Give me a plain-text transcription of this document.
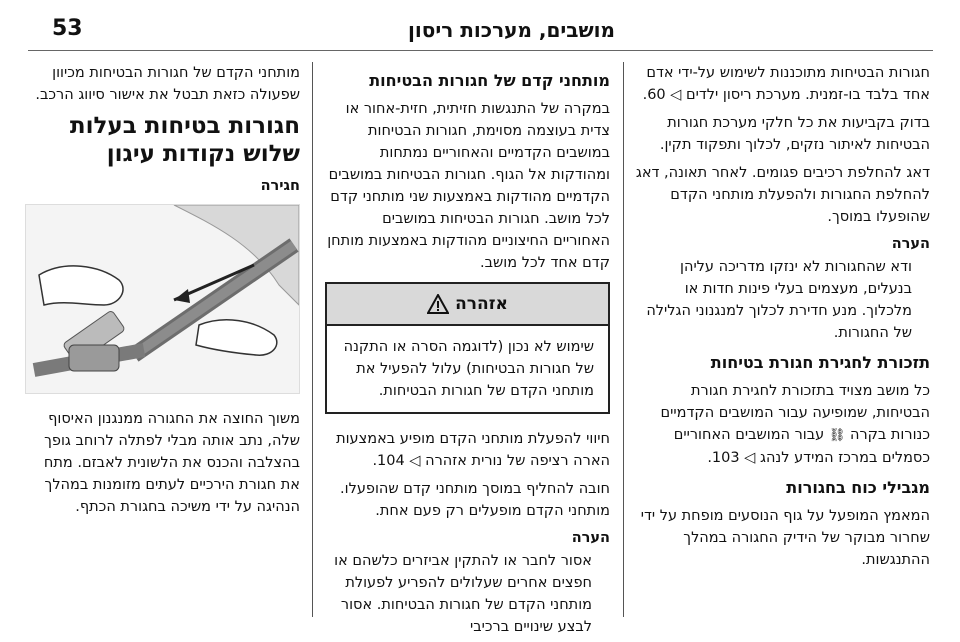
מושבים, מערכות ריסון
53

חגורות הבטיחות מתוכננות לשימוש על-ידי אדם אחד בלבד בו-זמנית. מערכת ריסון ילדים ◁ 60.

בדוק בקביעות את כל חלקי מערכת חגורות הבטיחות לאיתור נזקים, לכלוך ותפקוד תקין.

דאג להחלפת רכיבים פגומים. לאחר תאונה, דאג להחלפת החגורות ולהפעלת מותחני הקדם שהופעלו במוסך.

הערה

ודא שהחגורות לא ינזקו מדריכה עליהן בנעלים, מעצמים בעלי פינות חדות או מלכלוך. מנע חדירת לכלוך למנגנוני הגלילה של החגורות.

תזכורת לחגירת חגורת בטיחות

כל מושב מצויד בתזכורת לחגירת חגורת הבטיחות, שמופיעה עבור המושבים הקדמיים כנורות בקרה ⛓ עבור המושבים האחוריים כסמלים במרכז המידע לנהג ◁ 103.

מגבילי כוח בחגורות

המאמץ המופעל על גוף הנוסעים מופחת על ידי שחרור מבוקר של הידיק החגורה במהלך ההתנגשות.

מותחני קדם של חגורות הבטיחות

במקרה של התנגשות חזיתית, חזית-אחור או צדית בעוצמה מסוימת, חגורות הבטיחות במושבים הקדמיים והאחוריים נמתחות ומהודקות אל הגוף. חגורות הבטיחות במושבים הקדמיים מהודקות באמצעות שני מותחני קדם לכל מושב. חגורות הבטיחות במושבים האחוריים החיצוניים מהודקות באמצעות מותחן קדם אחד לכל מושב.

אזהרה
שימוש לא נכון (לדוגמה הסרה או התקנה של חגורות הבטיחות) עלול להפעיל את מותחני הקדם של חגורות הבטיחות.

חיווי להפעלת מותחני הקדם מופיע באמצעות הארה רציפה של נורית אזהרה ◁ 104.

חובה להחליף במוסך מותחני קדם שהופעלו. מותחני הקדם מופעלים רק פעם אחת.

הערה

אסור לחבר או להתקין אביזרים כלשהם או חפצים אחרים שעלולים להפריע לפעולת מותחני הקדם של חגורות הבטיחות. אסור לבצע שינויים ברכיבי

מותחני הקדם של חגורות הבטיחות מכיוון שפעולה כזאת תבטל את אישור סיווג הרכב.

חגורות בטיחות בעלות שלוש נקודות עיגון
חגירה

משוך החוצה את החגורה ממנגנון האיסוף שלה, נתב אותה מבלי לפתלה לרוחב גופך בהצלבה והכנס את הלשונית לאבזם. מתח את חגורת הירכיים לעתים מזומנות במהלך הנהיגה על ידי משיכה בחגורת הכתף.
